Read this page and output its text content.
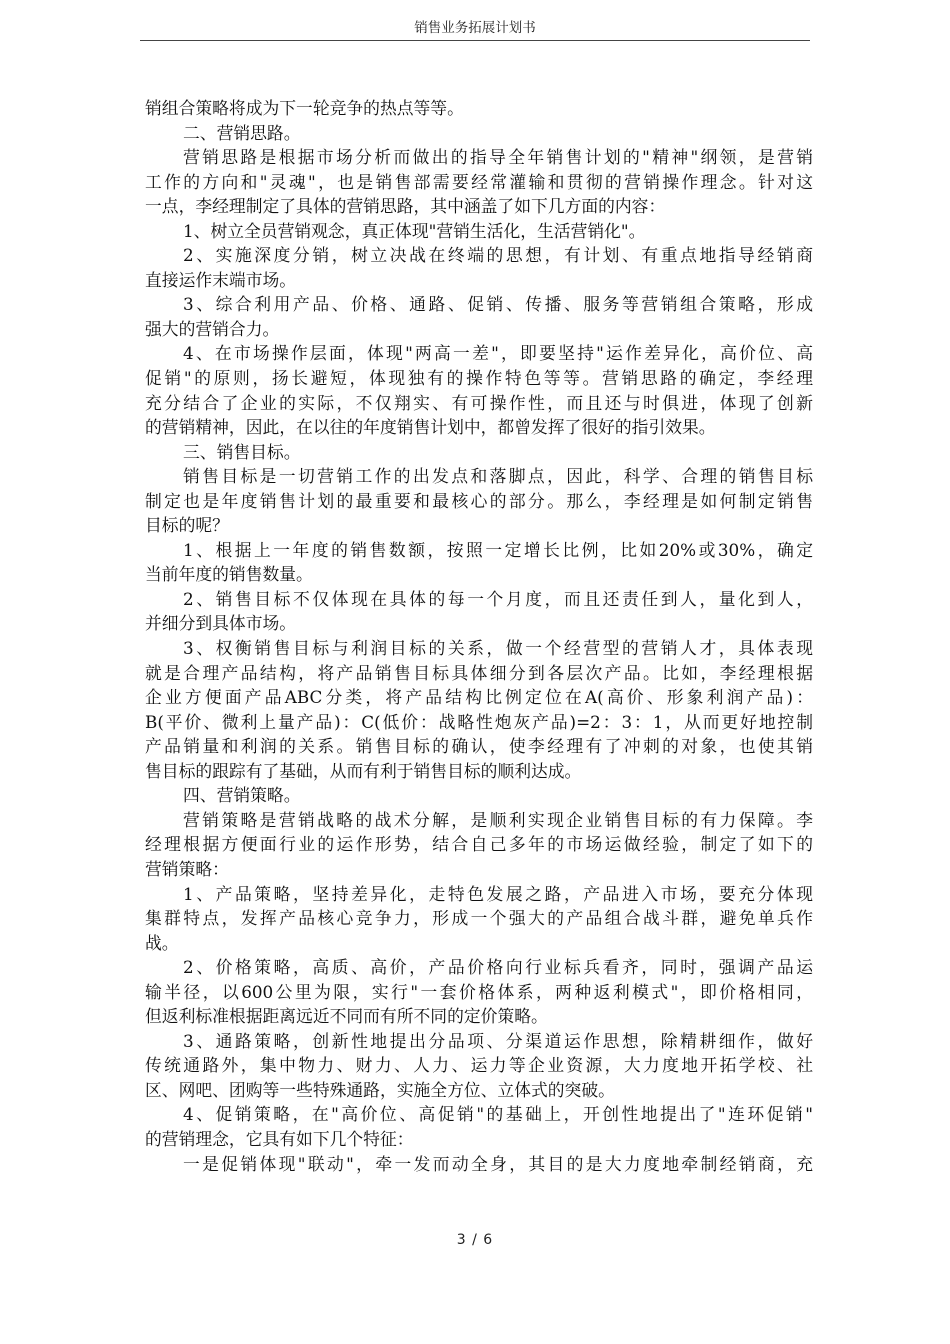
销售业务拓展计划书
销组合策略将成为下一轮竞争的热点等等。
二、营销思路。
营销思路是根据市场分析而做出的指导全年销售计划的"精神"纲领，是营销
工作的方向和"灵魂"，也是销售部需要经常灌输和贯彻的营销操作理念。针对这
一点，李经理制定了具体的营销思路，其中涵盖了如下几方面的内容：
1、树立全员营销观念，真正体现"营销生活化，生活营销化"。
2、实施深度分销，树立决战在终端的思想，有计划、有重点地指导经销商
直接运作末端市场。
3、综合利用产品、价格、通路、促销、传播、服务等营销组合策略，形成
强大的营销合力。
4、在市场操作层面，体现"两高一差"，即要坚持"运作差异化，高价位、高
促销"的原则，扬长避短，体现独有的操作特色等等。营销思路的确定，李经理
充分结合了企业的实际，不仅翔实、有可操作性，而且还与时俱进，体现了创新
的营销精神，因此，在以往的年度销售计划中，都曾发挥了很好的指引效果。
三、销售目标。
销售目标是一切营销工作的出发点和落脚点，因此，科学、合理的销售目标
制定也是年度销售计划的最重要和最核心的部分。那么，李经理是如何制定销售
目标的呢？
1、根据上一年度的销售数额，按照一定增长比例，比如20%或30%，确定
当前年度的销售数量。
2、销售目标不仅体现在具体的每一个月度，而且还责任到人，量化到人，
并细分到具体市场。
3、权衡销售目标与利润目标的关系，做一个经营型的营销人才，具体表现
就是合理产品结构，将产品销售目标具体细分到各层次产品。比如，李经理根据
企业方便面产品ABC分类，将产品结构比例定位在A(高价、形象利润产品)：
B(平价、微利上量产品)：C(低价：战略性炮灰产品)=2：3：1，从而更好地控制
产品销量和利润的关系。销售目标的确认，使李经理有了冲刺的对象，也使其销
售目标的跟踪有了基础，从而有利于销售目标的顺利达成。
四、营销策略。
营销策略是营销战略的战术分解，是顺利实现企业销售目标的有力保障。李
经理根据方便面行业的运作形势，结合自己多年的市场运做经验，制定了如下的
营销策略：
1、产品策略，坚持差异化，走特色发展之路，产品进入市场，要充分体现
集群特点，发挥产品核心竞争力，形成一个强大的产品组合战斗群，避免单兵作
战。
2、价格策略，高质、高价，产品价格向行业标兵看齐，同时，强调产品运
输半径，以600公里为限，实行"一套价格体系，两种返利模式"，即价格相同，
但返利标准根据距离远近不同而有所不同的定价策略。
3、通路策略，创新性地提出分品项、分渠道运作思想，除精耕细作，做好
传统通路外，集中物力、财力、人力、运力等企业资源，大力度地开拓学校、社
区、网吧、团购等一些特殊通路，实施全方位、立体式的突破。
4、促销策略，在"高价位、高促销"的基础上，开创性地提出了"连环促销"
的营销理念，它具有如下几个特征：
一是促销体现"联动"，牵一发而动全身，其目的是大力度地牵制经销商，充
3 / 6
